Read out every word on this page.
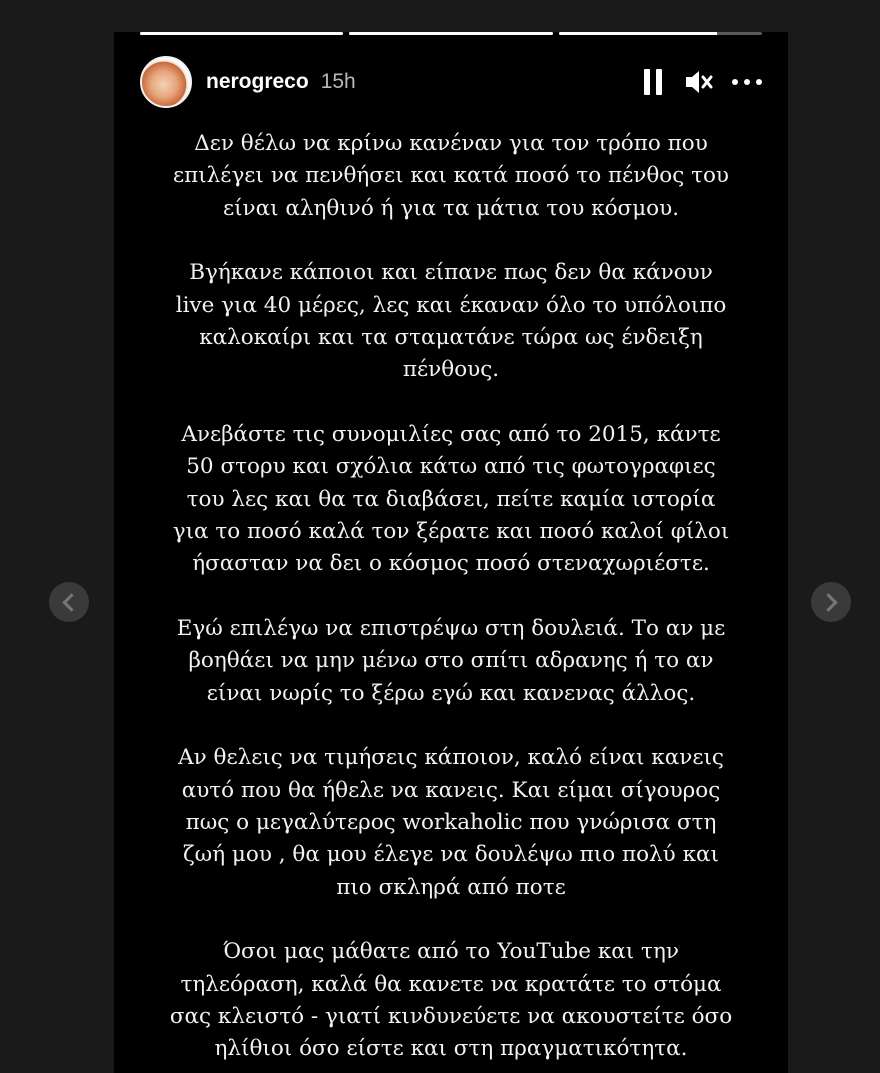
nerogreco 15h

Δεν θέλω να κρίνω κανέναν για τον τρόπο που
επιλέγει να πενθήσει και κατά ποσό το πένθος του
είναι αληθινό ή για τα μάτια του κόσμου.

Βγήκανε κάποιοι και είπανε πως δεν θα κάνουν
live για 40 μέρες, λες και έκαναν όλο το υπόλοιπο
καλοκαίρι και τα σταματάνε τώρα ως ένδειξη
πένθους.

Ανεβάστε τις συνομιλίες σας από το 2015, κάντε
50 στορυ και σχόλια κάτω από τις φωτογραφιες
του λες και θα τα διαβάσει, πείτε καμία ιστορία
για το ποσό καλά τον ξέρατε και ποσό καλοί φίλοι
ήσασταν να δει ο κόσμος ποσό στεναχωριέστε.

Εγώ επιλέγω να επιστρέψω στη δουλειά. Το αν με
βοηθάει να μην μένω στο σπίτι αδρανης ή το αν
είναι νωρίς το ξέρω εγώ και κανενας άλλος.

Αν θελεις να τιμήσεις κάποιον, καλό είναι κανεις
αυτό που θα ήθελε να κανεις. Και είμαι σίγουρος
πως ο μεγαλύτερος workaholic που γνώρισα στη
ζωή μου , θα μου έλεγε να δουλέψω πιο πολύ και
πιο σκληρά από ποτε

Όσοι μας μάθατε από το YouTube και την
τηλεόραση, καλά θα κανετε να κρατάτε το στόμα
σας κλειστό - γιατί κινδυνεύετε να ακουστείτε όσο
ηλίθιοι όσο είστε και στη πραγματικότητα.
